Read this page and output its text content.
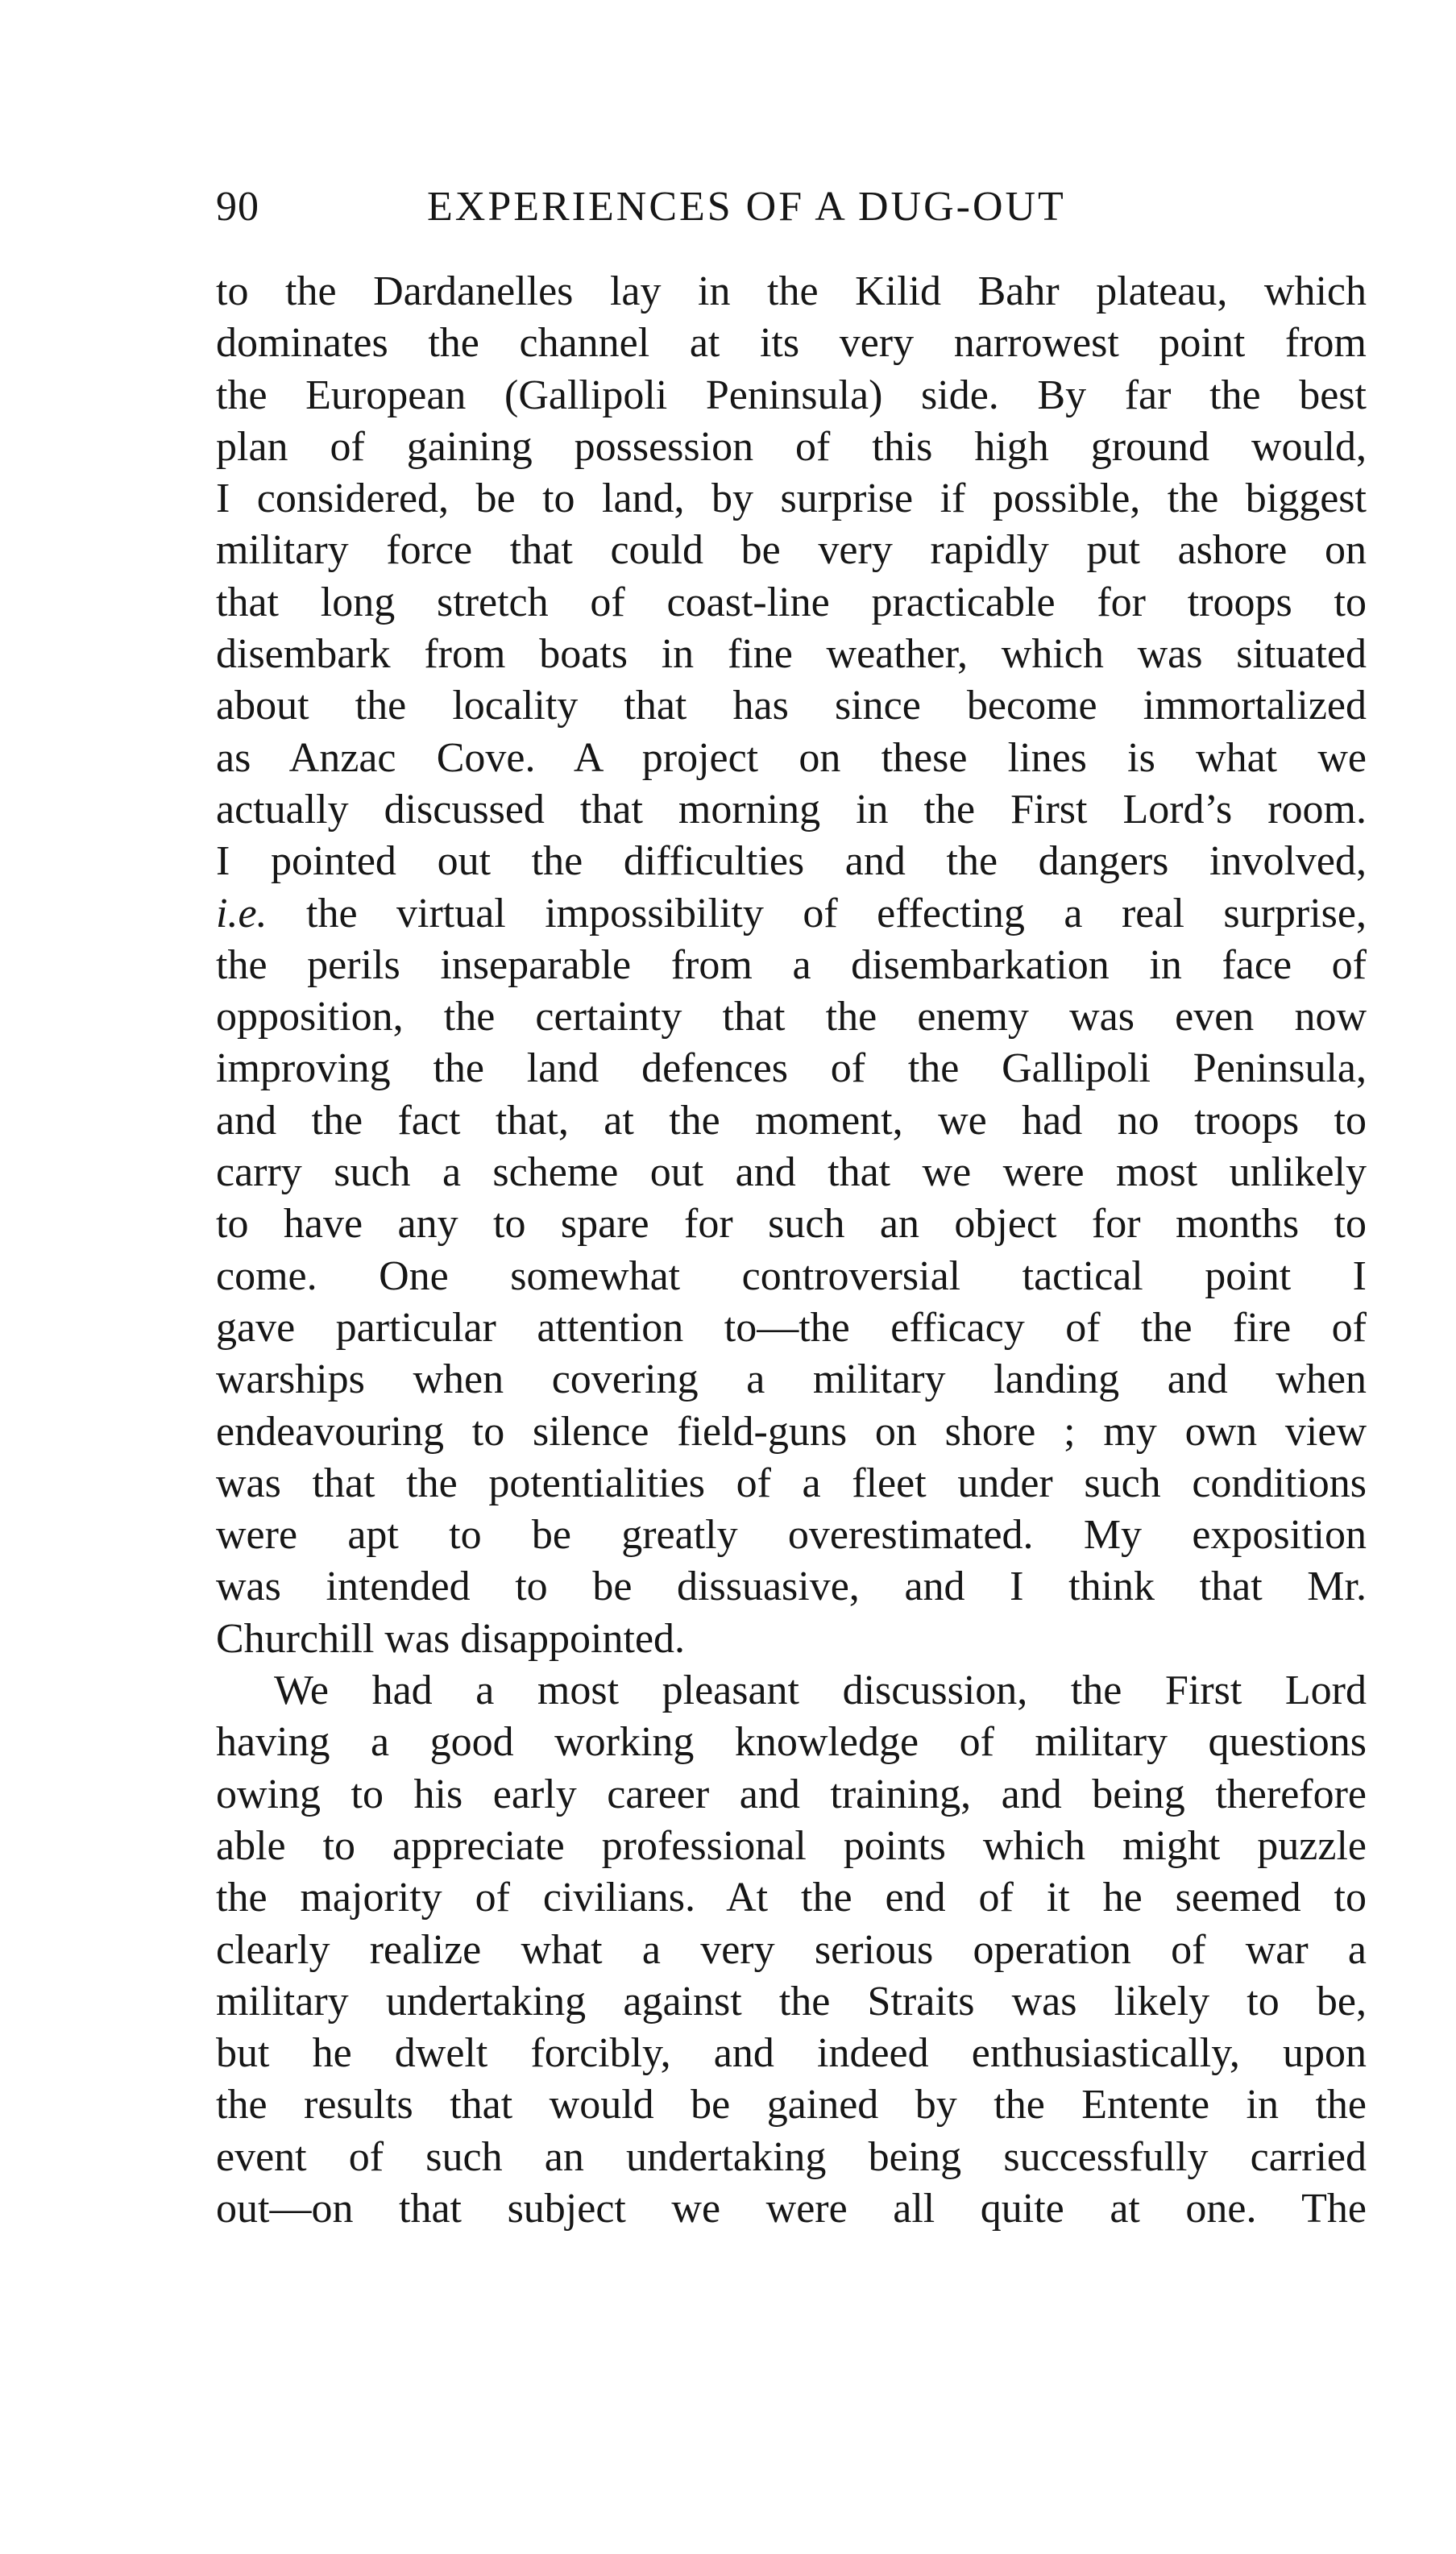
90	EXPERIENCES OF A DUG-OUT
to the Dardanelles lay in the Kilid Bahr plateau, which
dominates the channel at its very narrowest point from
the European (Gallipoli Peninsula) side. By far the best
plan of gaining possession of this high ground would,
I considered, be to land, by surprise if possible, the biggest
military force that could be very rapidly put ashore on
that long stretch of coast-line practicable for troops to
disembark from boats in fine weather, which was situated
about the locality that has since become immortalized
as Anzac Cove. A project on these lines is what we
actually discussed that morning in the First Lord’s room.
I pointed out the difficulties and the dangers involved,
i.e. the virtual impossibility of effecting a real surprise,
the perils inseparable from a disembarkation in face of
opposition, the certainty that the enemy was even now
improving the land defences of the Gallipoli Peninsula,
and the fact that, at the moment, we had no troops to
carry such a scheme out and that we were most unlikely
to have any to spare for such an object for months to
come. One somewhat controversial tactical point I
gave particular attention to—the efficacy of the fire of
warships when covering a military landing and when
endeavouring to silence field-guns on shore ; my own view
was that the potentialities of a fleet under such conditions
were apt to be greatly overestimated. My exposition
was intended to be dissuasive, and I think that Mr.
Churchill was disappointed.
We had a most pleasant discussion, the First Lord
having a good working knowledge of military questions
owing to his early career and training, and being therefore
able to appreciate professional points which might puzzle
the majority of civilians. At the end of it he seemed to
clearly realize what a very serious operation of war a
military undertaking against the Straits was likely to be,
but he dwelt forcibly, and indeed enthusiastically, upon
the results that would be gained by the Entente in the
event of such an undertaking being successfully carried
out—on that subject we were all quite at one. The
